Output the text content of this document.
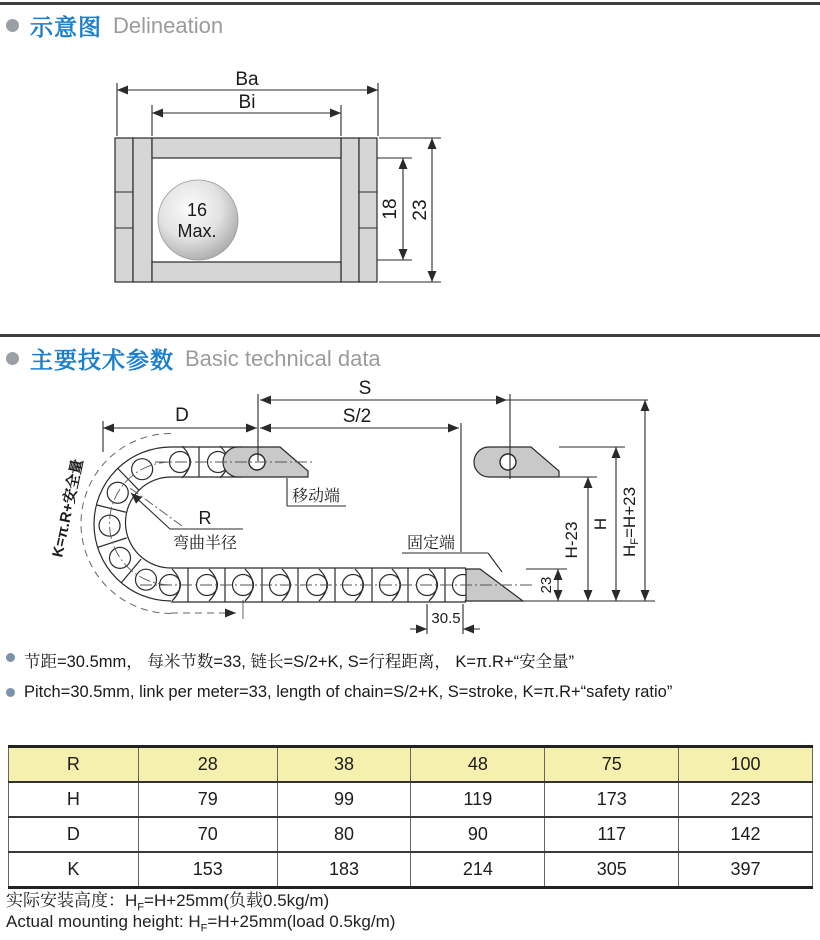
示意图 Delineation
16
Max.
Ba
Bi
18 23
主要技术参数 Basic technical data
S
S/2
D
R
弯曲半径
移动端
固定端
K=π.R+安全量	H-23 H
HF=H+23
23
30.5
节距=30.5mm， 每米节数=33, 链长=S/2+K, S=行程距离， K=π.R+“安全量”
Pitch=30.5mm, link per meter=33, length of chain=S/2+K, S=stroke, K=π.R+“safety ratio”
R	28	38	48	75	100
H	79	99	119	173	223
D	70	80	90	117	142
K	153	183	214	305	397
实际安装高度：$H_F=H+25mm$(负载0.5kg/m)
Actual mounting height: $H_F=H+25mm(load$ 0.5kg/m)
